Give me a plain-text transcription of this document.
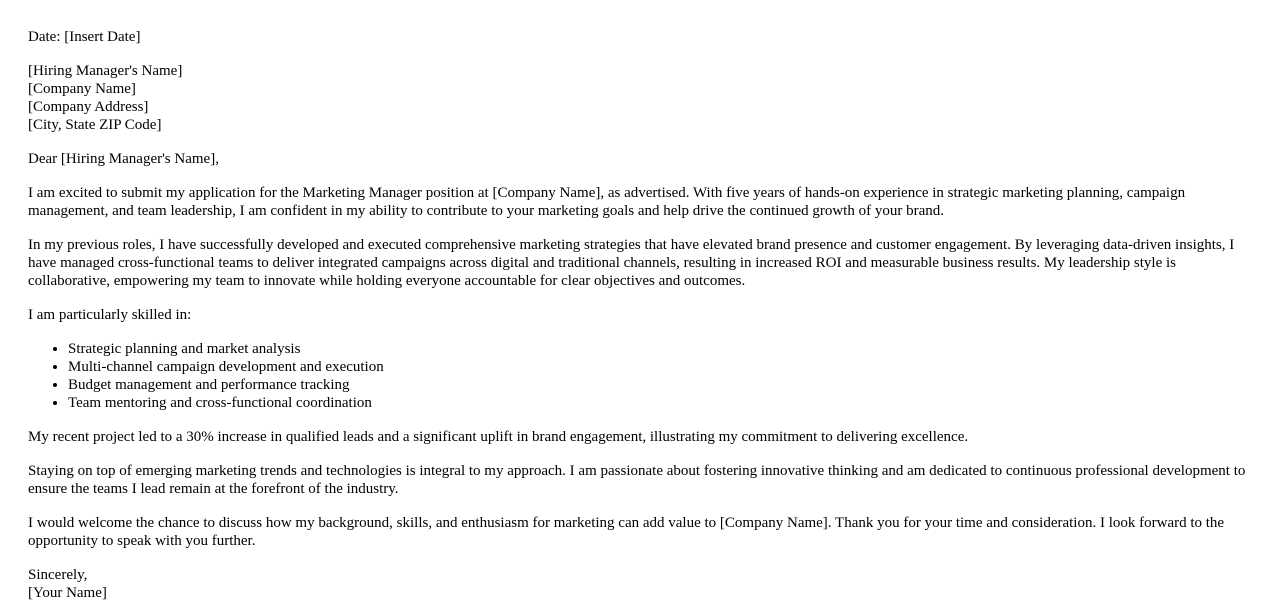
Date: [Insert Date]

[Hiring Manager's Name]
[Company Name]
[Company Address]
[City, State ZIP Code]

Dear [Hiring Manager's Name],

I am excited to submit my application for the Marketing Manager position at [Company Name], as advertised. With five years of hands-on experience in strategic marketing planning, campaign management, and team leadership, I am confident in my ability to contribute to your marketing goals and help drive the continued growth of your brand.

In my previous roles, I have successfully developed and executed comprehensive marketing strategies that have elevated brand presence and customer engagement. By leveraging data-driven insights, I have managed cross-functional teams to deliver integrated campaigns across digital and traditional channels, resulting in increased ROI and measurable business results. My leadership style is collaborative, empowering my team to innovate while holding everyone accountable for clear objectives and outcomes.

I am particularly skilled in:

• Strategic planning and market analysis
• Multi-channel campaign development and execution
• Budget management and performance tracking
• Team mentoring and cross-functional coordination

My recent project led to a 30% increase in qualified leads and a significant uplift in brand engagement, illustrating my commitment to delivering excellence.

Staying on top of emerging marketing trends and technologies is integral to my approach. I am passionate about fostering innovative thinking and am dedicated to continuous professional development to ensure the teams I lead remain at the forefront of the industry.

I would welcome the chance to discuss how my background, skills, and enthusiasm for marketing can add value to [Company Name]. Thank you for your time and consideration. I look forward to the opportunity to speak with you further.

Sincerely,
[Your Name]
